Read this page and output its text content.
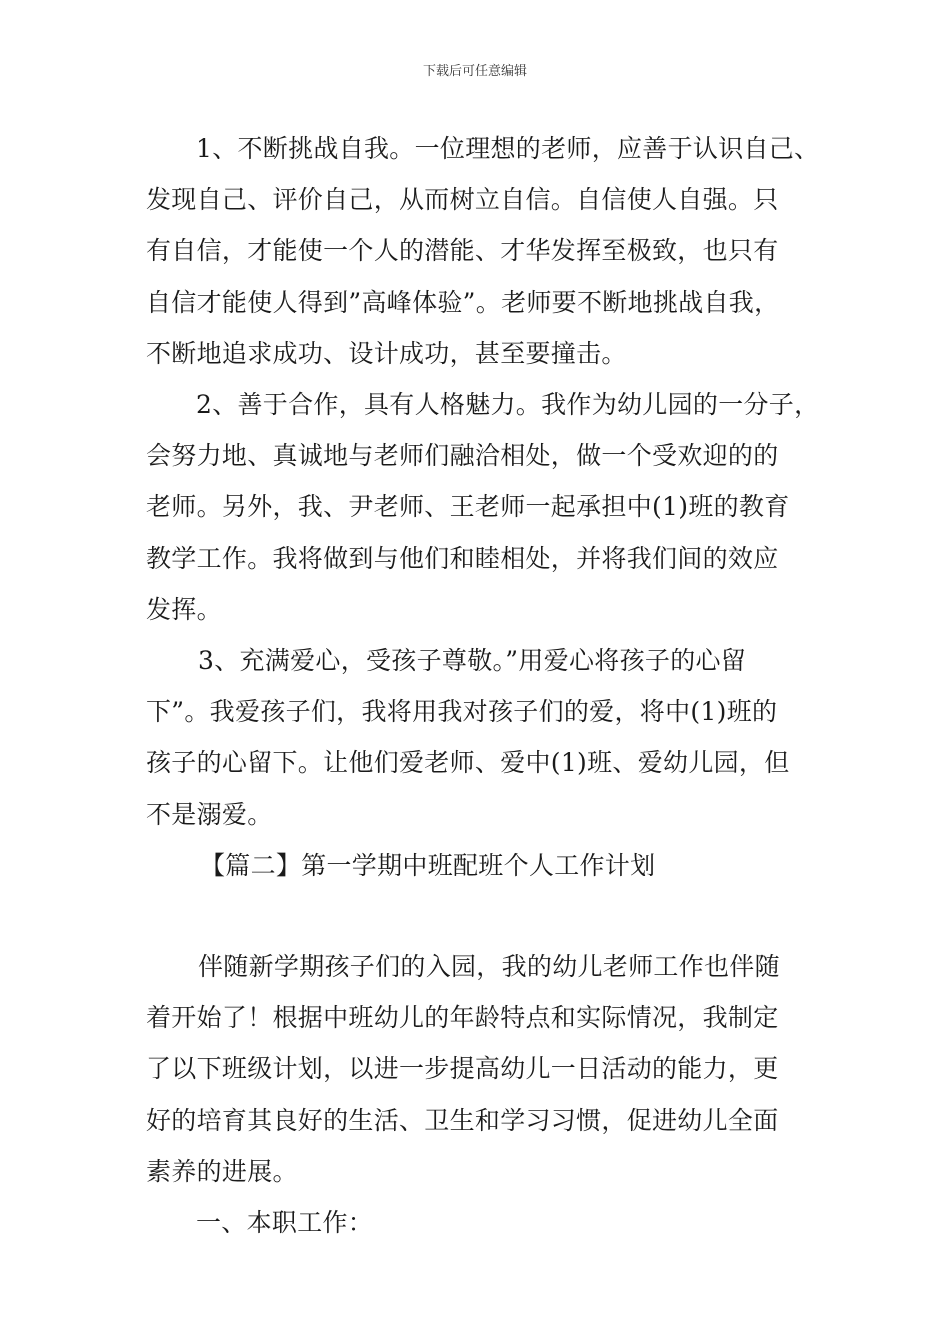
下载后可任意编辑

1、不断挑战自我。一位理想的老师，应善于认识自己、
发现自己、评价自己，从而树立自信。自信使人自强。只
有自信，才能使一个人的潜能、才华发挥至极致，也只有
自信才能使人得到”高峰体验”。老师要不断地挑战自我，
不断地追求成功、设计成功，甚至要撞击。

2、善于合作，具有人格魅力。我作为幼儿园的一分子，
会努力地、真诚地与老师们融洽相处，做一个受欢迎的的
老师。另外，我、尹老师、王老师一起承担中(1)班的教育
教学工作。我将做到与他们和睦相处，并将我们间的效应
发挥。

3、充满爱心，受孩子尊敬。”用爱心将孩子的心留
下”。我爱孩子们，我将用我对孩子们的爱，将中(1)班的
孩子的心留下。让他们爱老师、爱中(1)班、爱幼儿园，但
不是溺爱。

【篇二】第一学期中班配班个人工作计划

伴随新学期孩子们的入园，我的幼儿老师工作也伴随
着开始了！根据中班幼儿的年龄特点和实际情况，我制定
了以下班级计划，以进一步提高幼儿一日活动的能力，更
好的培育其良好的生活、卫生和学习习惯，促进幼儿全面
素养的进展。

一、本职工作：
